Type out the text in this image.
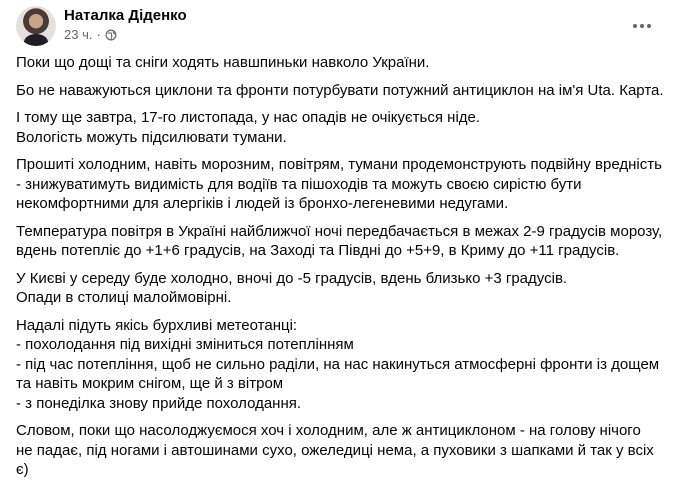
Наталка Діденко
23 ч. ·

Поки що дощі та сніги ходять навшпиньки навколо України.

Бо не наважуються циклони та фронти потурбувати потужний антициклон на ім'я Uta. Карта.

І тому ще завтра, 17-го листопада, у нас опадів не очікується ніде.
Вологість можуть підсилювати тумани.

Прошиті холодним, навіть морозним, повітрям, тумани продемонструють подвійну вредність
- знижуватимуть видимість для водіїв та пішоходів та можуть своєю сирістю бути
некомфортними для алергіків і людей із бронхо-легеневими недугами.

Температура повітря в Україні найближчої ночі передбачається в межах 2-9 градусів морозу,
вдень потепліє до +1+6 градусів, на Заході та Півдні до +5+9, в Криму до +11 градусів.

У Києві у середу буде холодно, вночі до -5 градусів, вдень близько +3 градусів.
Опади в столиці малоймовірні.

Надалі підуть якісь бурхливі метеотанці:
- похолодання під вихідні зміниться потеплінням
- під час потепління, щоб не сильно раділи, на нас накинуться атмосферні фронти із дощем
та навіть мокрим снігом, ще й з вітром
- з понеділка знову прийде похолодання.

Словом, поки що насолоджуємося хоч і холодним, але ж антициклоном - на голову нічого
не падає, під ногами і автошинами сухо, ожеледиці нема, а пуховики з шапками й так у всіх
є)
